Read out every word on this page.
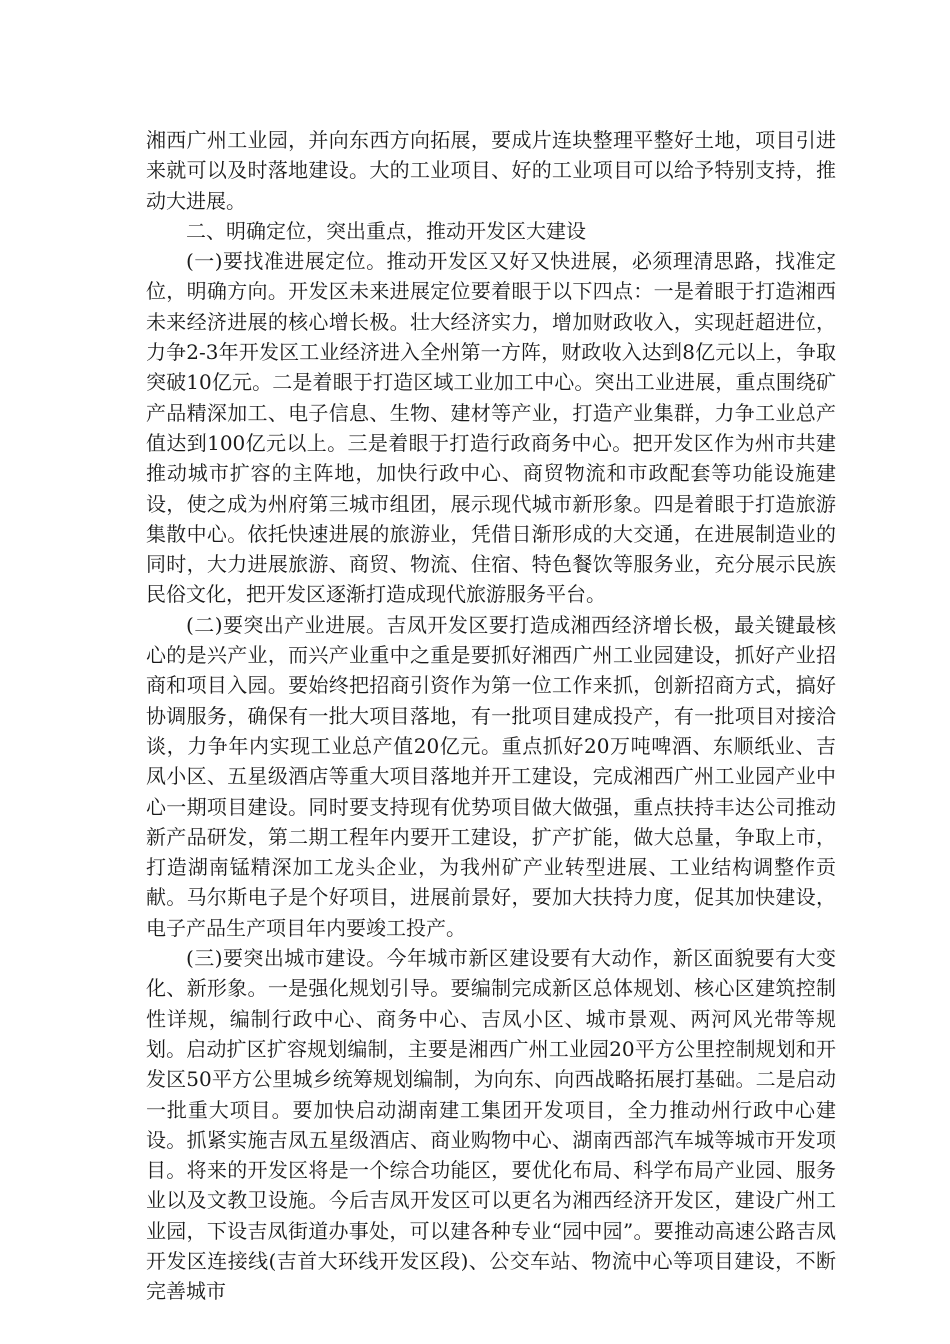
湘西广州工业园，并向东西方向拓展，要成片连块整理平整好土地，项目引进来就可以及时落地建设。大的工业项目、好的工业项目可以给予特别支持，推动大进展。

二、明确定位，突出重点，推动开发区大建设

(一)要找准进展定位。推动开发区又好又快进展，必须理清思路，找准定位，明确方向。开发区未来进展定位要着眼于以下四点：一是着眼于打造湘西未来经济进展的核心增长极。壮大经济实力，增加财政收入，实现赶超进位，力争2-3年开发区工业经济进入全州第一方阵，财政收入达到8亿元以上，争取突破10亿元。二是着眼于打造区域工业加工中心。突出工业进展，重点围绕矿产品精深加工、电子信息、生物、建材等产业，打造产业集群，力争工业总产值达到100亿元以上。三是着眼于打造行政商务中心。把开发区作为州市共建推动城市扩容的主阵地，加快行政中心、商贸物流和市政配套等功能设施建设，使之成为州府第三城市组团，展示现代城市新形象。四是着眼于打造旅游集散中心。依托快速进展的旅游业，凭借日渐形成的大交通，在进展制造业的同时，大力进展旅游、商贸、物流、住宿、特色餐饮等服务业，充分展示民族民俗文化，把开发区逐渐打造成现代旅游服务平台。

(二)要突出产业进展。吉凤开发区要打造成湘西经济增长极，最关键最核心的是兴产业，而兴产业重中之重是要抓好湘西广州工业园建设，抓好产业招商和项目入园。要始终把招商引资作为第一位工作来抓，创新招商方式，搞好协调服务，确保有一批大项目落地，有一批项目建成投产，有一批项目对接洽谈，力争年内实现工业总产值20亿元。重点抓好20万吨啤酒、东顺纸业、吉凤小区、五星级酒店等重大项目落地并开工建设，完成湘西广州工业园产业中心一期项目建设。同时要支持现有优势项目做大做强，重点扶持丰达公司推动新产品研发，第二期工程年内要开工建设，扩产扩能，做大总量，争取上市，打造湖南锰精深加工龙头企业，为我州矿产业转型进展、工业结构调整作贡献。马尔斯电子是个好项目，进展前景好，要加大扶持力度，促其加快建设，电子产品生产项目年内要竣工投产。

(三)要突出城市建设。今年城市新区建设要有大动作，新区面貌要有大变化、新形象。一是强化规划引导。要编制完成新区总体规划、核心区建筑控制性详规，编制行政中心、商务中心、吉凤小区、城市景观、两河风光带等规划。启动扩区扩容规划编制，主要是湘西广州工业园20平方公里控制规划和开发区50平方公里城乡统筹规划编制，为向东、向西战略拓展打基础。二是启动一批重大项目。要加快启动湖南建工集团开发项目，全力推动州行政中心建设。抓紧实施吉凤五星级酒店、商业购物中心、湖南西部汽车城等城市开发项目。将来的开发区将是一个综合功能区，要优化布局、科学布局产业园、服务业以及文教卫设施。今后吉凤开发区可以更名为湘西经济开发区，建设广州工业园，下设吉凤街道办事处，可以建各种专业“园中园”。要推动高速公路吉凤开发区连接线(吉首大环线开发区段)、公交车站、物流中心等项目建设，不断完善城市
